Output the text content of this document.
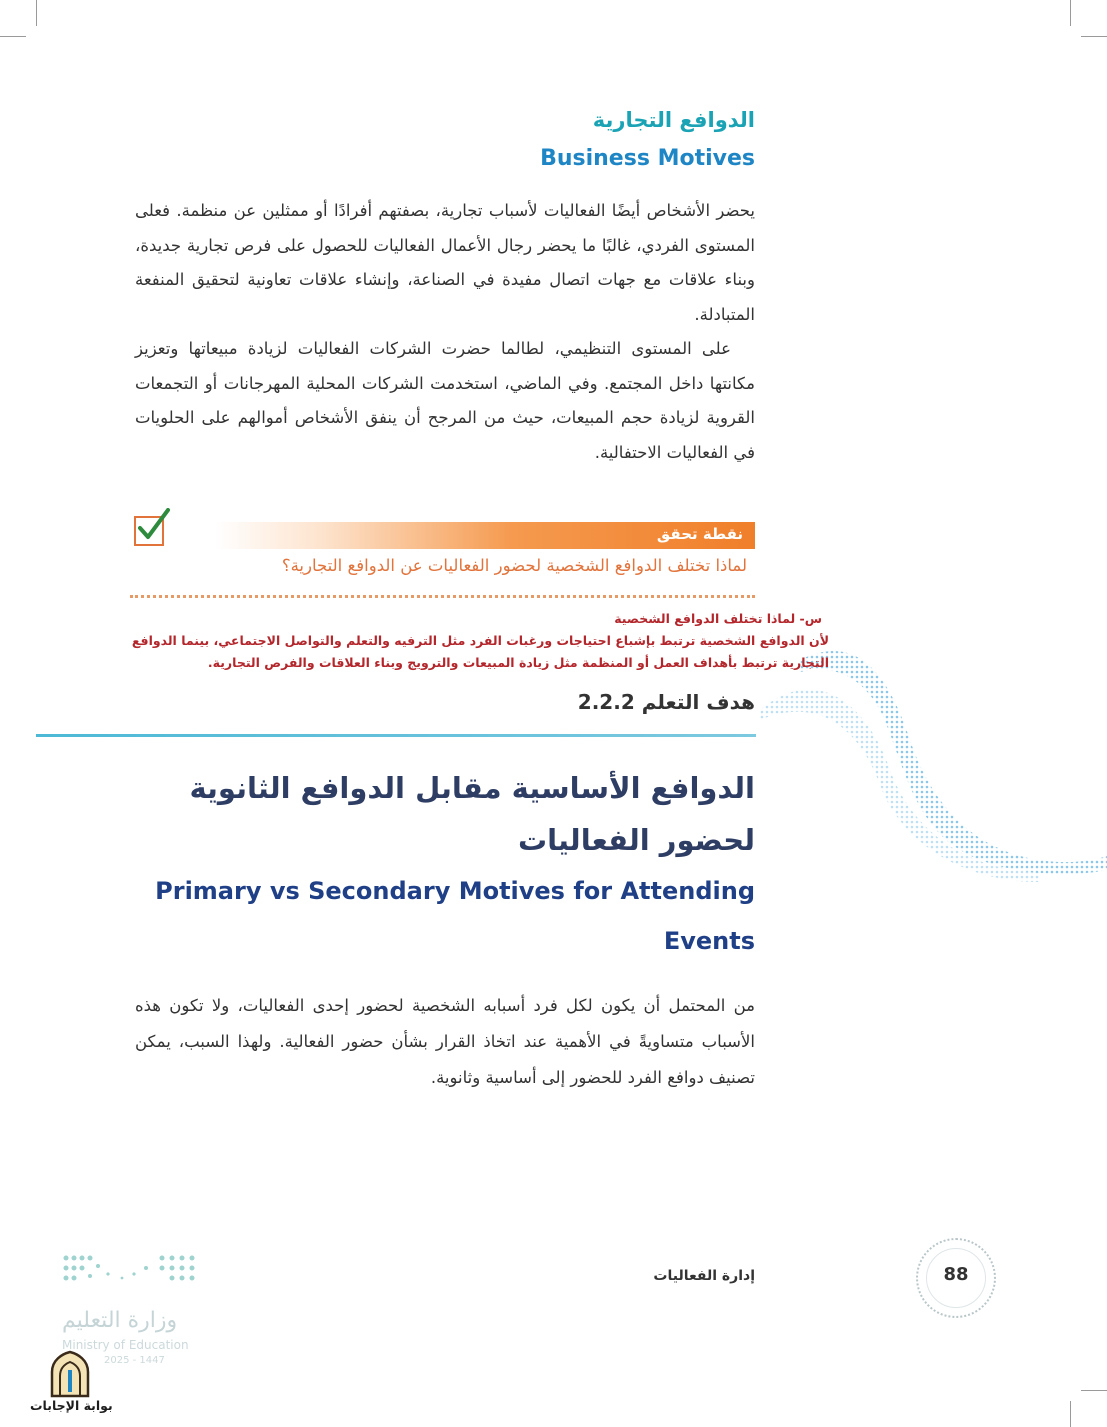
الدوافع التجارية
Business Motives

يحضر الأشخاص أيضًا الفعاليات لأسباب تجارية، بصفتهم أفرادًا أو ممثلين عن منظمة. فعلى المستوى الفردي، غالبًا ما يحضر رجال الأعمال الفعاليات للحصول على فرص تجارية جديدة، وبناء علاقات مع جهات اتصال مفيدة في الصناعة، وإنشاء علاقات تعاونية لتحقيق المنفعة المتبادلة.

على المستوى التنظيمي، لطالما حضرت الشركات الفعاليات لزيادة مبيعاتها وتعزيز مكانتها داخل المجتمع. وفي الماضي، استخدمت الشركات المحلية المهرجانات أو التجمعات القروية لزيادة حجم المبيعات، حيث من المرجح أن ينفق الأشخاص أموالهم على الحلويات في الفعاليات الاحتفالية.

نقطة تحقق
لماذا تختلف الدوافع الشخصية لحضور الفعاليات عن الدوافع التجارية؟
س- لماذا تختلف الدوافع الشخصية
لأن الدوافع الشخصية ترتبط بإشباع احتياجات ورغبات الفرد مثل الترفيه والتعلم والتواصل الاجتماعي، بينما الدوافع التجارية ترتبط بأهداف العمل أو المنظمة مثل زيادة المبيعات والترويج وبناء العلاقات والفرص التجارية.
هدف التعلم 2.2.2
الدوافع الأساسية مقابل الدوافع الثانوية
لحضور الفعاليات
Primary vs Secondary Motives for Attending Events

من المحتمل أن يكون لكل فرد أسبابه الشخصية لحضور إحدى الفعاليات، ولا تكون هذه الأسباب متساويةً في الأهمية عند اتخاذ القرار بشأن حضور الفعالية. ولهذا السبب، يمكن تصنيف دوافع الفرد للحضور إلى أساسية وثانوية.

إدارة الفعاليات	88
وزارة التعليم
Ministry of Education
2025 - 1447
بوابة الإجابات
